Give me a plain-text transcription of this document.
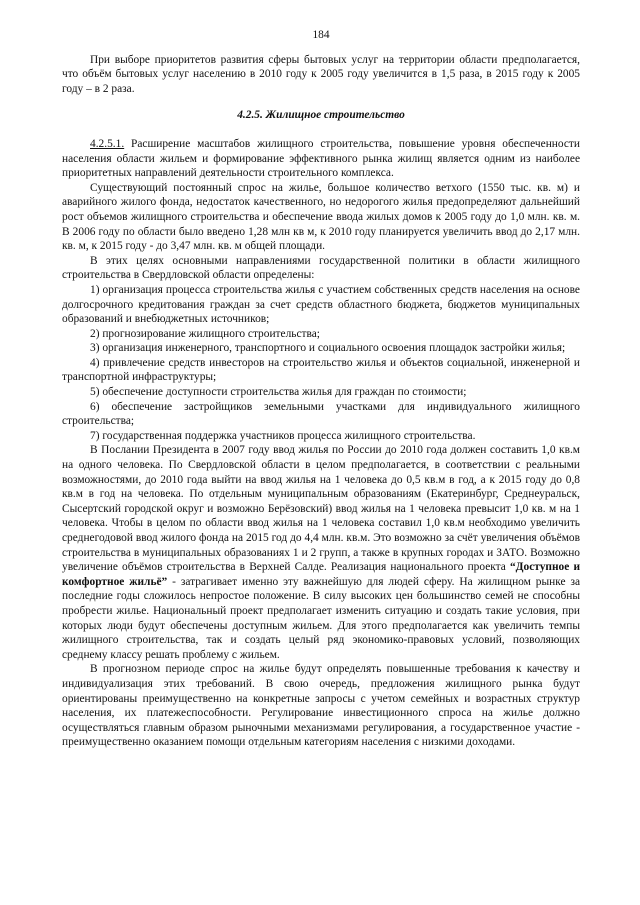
184

При выборе приоритетов развития сферы бытовых услуг на территории области предполагается, что объём бытовых услуг населению в 2010 году к 2005 году увеличится в 1,5 раза, в 2015 году к 2005 году – в 2 раза.

4.2.5. Жилищное строительство

4.2.5.1. Расширение масштабов жилищного строительства, повышение уровня обеспеченности населения области жильем и формирование эффективного рынка жилищ является одним из наиболее приоритетных направлений деятельности строительного комплекса.

Существующий постоянный спрос на жилье, большое количество ветхого (1550 тыс. кв. м) и аварийного жилого фонда, недостаток качественного, но недорогого жилья предопределяют дальнейший рост объемов жилищного строительства и обеспечение ввода жилых домов к 2005 году до 1,0 млн. кв. м. В 2006 году по области было введено 1,28 млн кв м, к 2010 году планируется увеличить ввод до 2,17 млн. кв. м, к 2015 году - до 3,47 млн. кв. м общей площади.

В этих целях основными направлениями государственной политики в области жилищного строительства в Свердловской области определены:

1) организация процесса строительства жилья с участием собственных средств населения на основе долгосрочного кредитования граждан за счет средств областного бюджета, бюджетов муниципальных образований и внебюджетных источников;

2) прогнозирование жилищного строительства;

3) организация инженерного, транспортного и социального освоения площадок застройки жилья;

4) привлечение средств инвесторов на строительство жилья и объектов социальной, инженерной и транспортной инфраструктуры;

5) обеспечение доступности строительства жилья для граждан по стоимости;

6) обеспечение застройщиков земельными участками для индивидуального жилищного строительства;

7) государственная поддержка участников процесса жилищного строительства.

В Послании Президента в 2007 году ввод жилья по России до 2010 года должен составить 1,0 кв.м на одного человека. По Свердловской области в целом предполагается, в соответствии с реальными возможностями, до 2010 года выйти на ввод жилья на 1 человека до 0,5 кв.м в год, а к 2015 году до 0,8 кв.м в год на человека. По отдельным муниципальным образованиям (Екатеринбург, Среднеуральск, Сысертский городской округ и возможно Берёзовский) ввод жилья на 1 человека превысит 1,0 кв. м на 1 человека. Чтобы в целом по области ввод жилья на 1 человека составил 1,0 кв.м необходимо увеличить среднегодовой ввод жилого фонда на 2015 год до 4,4 млн. кв.м. Это возможно за счёт увеличения объёмов строительства в муниципальных образованиях 1 и 2 групп, а также в крупных городах и ЗАТО. Возможно увеличение объёмов строительства в Верхней Салде. Реализация национального проекта “Доступное и комфортное жильё” - затрагивает именно эту важнейшую для людей сферу. На жилищном рынке за последние годы сложилось непростое положение. В силу высоких цен большинство семей не способны пробрести жилье. Национальный проект предполагает изменить ситуацию и создать такие условия, при которых люди будут обеспечены доступным жильем. Для этого предполагается как увеличить темпы жилищного строительства, так и создать целый ряд экономико-правовых условий, позволяющих среднему классу решать проблему с жильем.

В прогнозном периоде спрос на жилье будут определять повышенные требования к качеству и индивидуализация этих требований. В свою очередь, предложения жилищного рынка будут ориентированы преимущественно на конкретные запросы с учетом семейных и возрастных структур населения, их платежеспособности. Регулирование инвестиционного спроса на жилье должно осуществляться главным образом рыночными механизмами регулирования, а государственное участие - преимущественно оказанием помощи отдельным категориям населения с низкими доходами.
